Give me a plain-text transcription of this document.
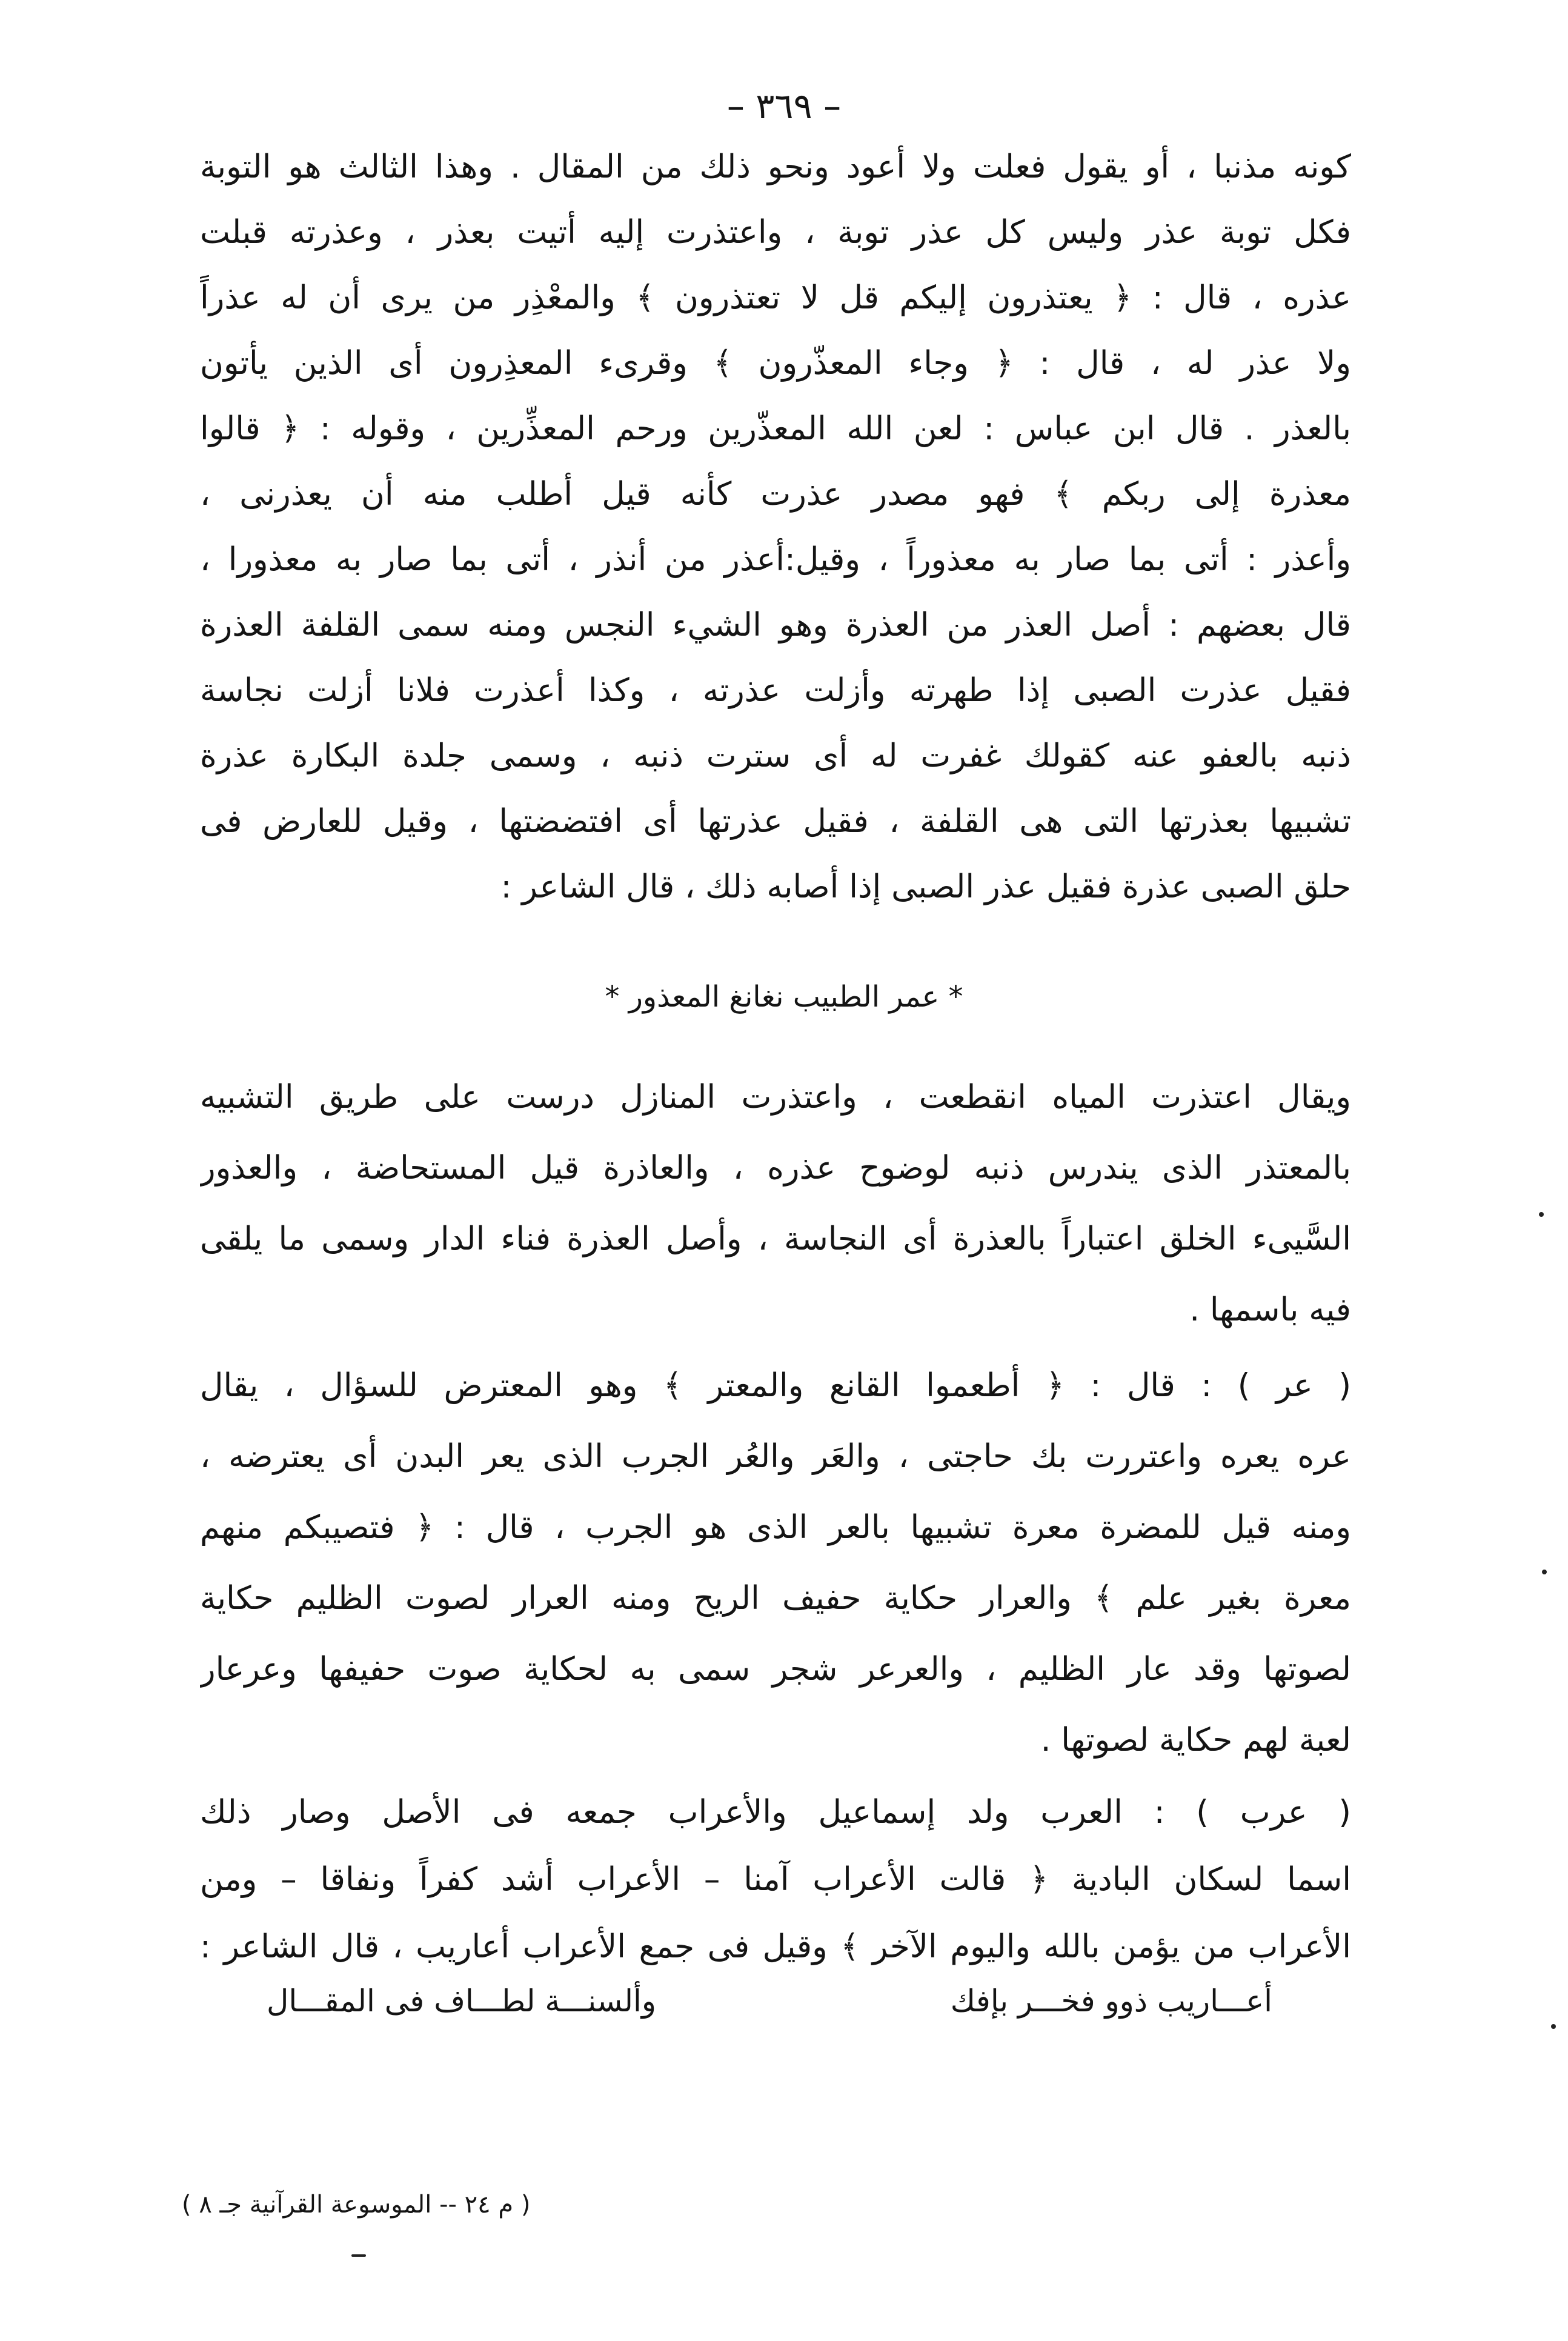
– ٣٦٩ –
كونه مذنبا ، أو يقول فعلت ولا أعود ونحو ذلك من المقال . وهذا الثالث هو التوبة
فكل توبة عذر وليس كل عذر توبة ، واعتذرت إليه أتيت بعذر ، وعذرته قبلت
عذره ، قال : ﴿ يعتذرون إليكم قل لا تعتذرون ﴾ والمعْذِر من يرى أن له عذراً
ولا عذر له ، قال : ﴿ وجاء المعذّرون ﴾ وقرىء المعذِرون أى الذين يأتون
بالعذر . قال ابن عباس : لعن الله المعذّرين ورحم المعذِّرين ، وقوله : ﴿ قالوا
معذرة إلى ربكم ﴾ فهو مصدر عذرت كأنه قيل أطلب منه أن يعذرنى ،
وأعذر : أتى بما صار به معذوراً ، وقيل:أعذر من أنذر ، أتى بما صار به معذورا ،
قال بعضهم : أصل العذر من العذرة وهو الشيء النجس ومنه سمى القلفة العذرة
فقيل عذرت الصبى إذا طهرته وأزلت عذرته ، وكذا أعذرت فلانا أزلت نجاسة
ذنبه بالعفو عنه كقولك غفرت له أى سترت ذنبه ، وسمى جلدة البكارة عذرة
تشبيها بعذرتها التى هى القلفة ، فقيل عذرتها أى افتضضتها ، وقيل للعارض فى
حلق الصبى عذرة فقيل عذر الصبى إذا أصابه ذلك ، قال الشاعر :
* عمر الطبيب نغانغ المعذور *
ويقال اعتذرت المياه انقطعت ، واعتذرت المنازل درست على طريق التشبيه
بالمعتذر الذى يندرس ذنبه لوضوح عذره ، والعاذرة قيل المستحاضة ، والعذور
السَّيىء الخلق اعتباراً بالعذرة أى النجاسة ، وأصل العذرة فناء الدار وسمى ما يلقى
فيه باسمها .
( عر ) : قال : ﴿ أطعموا القانع والمعتر ﴾ وهو المعترض للسؤال ، يقال
عره يعره واعتررت بك حاجتى ، والعَر والعُر الجرب الذى يعر البدن أى يعترضه ،
ومنه قيل للمضرة معرة تشبيها بالعر الذى هو الجرب ، قال : ﴿ فتصيبكم منهم
معرة بغير علم ﴾ والعرار حكاية حفيف الريح ومنه العرار لصوت الظليم حكاية
لصوتها وقد عار الظليم ، والعرعر شجر سمى به لحكاية صوت حفيفها وعرعار
لعبة لهم حكاية لصوتها .
( عرب ) : العرب ولد إسماعيل والأعراب جمعه فى الأصل وصار ذلك
اسما لسكان البادية ﴿ قالت الأعراب آمنا – الأعراب أشد كفراً ونفاقا – ومن
الأعراب من يؤمن بالله واليوم الآخر ﴾ وقيل فى جمع الأعراب أعاريب ، قال الشاعر :
أعـــاريب ذوو فخـــر بإفك
وألسنـــة لطـــاف فى المقـــال
( م ٢٤ -- الموسوعة القرآنية جـ ٨ )
